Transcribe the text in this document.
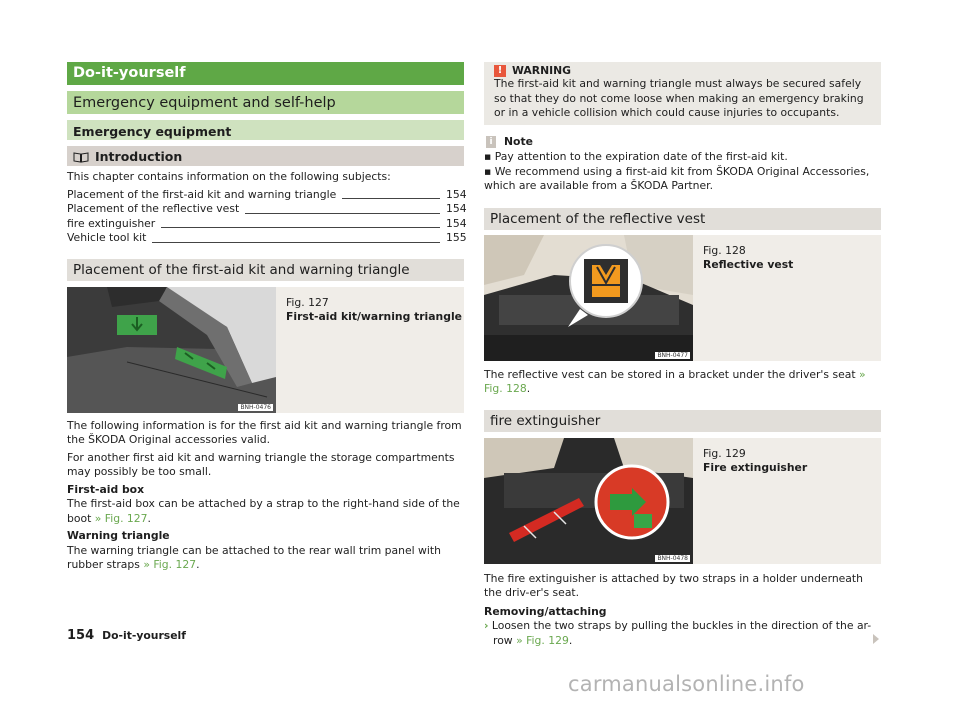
Do-it-yourself
Emergency equipment and self-help
Emergency equipment
Introduction

This chapter contains information on the following subjects:

Placement of the first-aid kit and warning triangle	154
Placement of the reflective vest	154
fire extinguisher	154
Vehicle tool kit	155
Placement of the first-aid kit and warning triangle
BNH-0476
Fig. 127
First-aid kit/warning triangle

The following information is for the first aid kit and warning triangle from the ŠKODA Original accessories valid.

For another first aid kit and warning triangle the storage compartments may possibly be too small.

First-aid box

The first-aid box can be attached by a strap to the right-hand side of the boot » Fig. 127.

Warning triangle

The warning triangle can be attached to the rear wall trim panel with rubber straps » Fig. 127.

! WARNING

The first-aid kit and warning triangle must always be secured safely so that they do not come loose when making an emergency braking or in a vehicle collision which could cause injuries to occupants.

i	Note

▪ Pay attention to the expiration date of the first-aid kit.

▪ We recommend using a first-aid kit from ŠKODA Original Accessories, which are available from a ŠKODA Partner.

Placement of the reflective vest
BNH-0477
Fig. 128
Reflective vest

The reflective vest can be stored in a bracket under the driver's seat » Fig. 128.

fire extinguisher
BNH-0478
Fig. 129
Fire extinguisher

The fire extinguisher is attached by two straps in a holder underneath the driv-er's seat.

Removing/attaching

› Loosen the two straps by pulling the buckles in the direction of the ar-row » Fig. 129.

154 Do-it-yourself
carmanualsonline.info
